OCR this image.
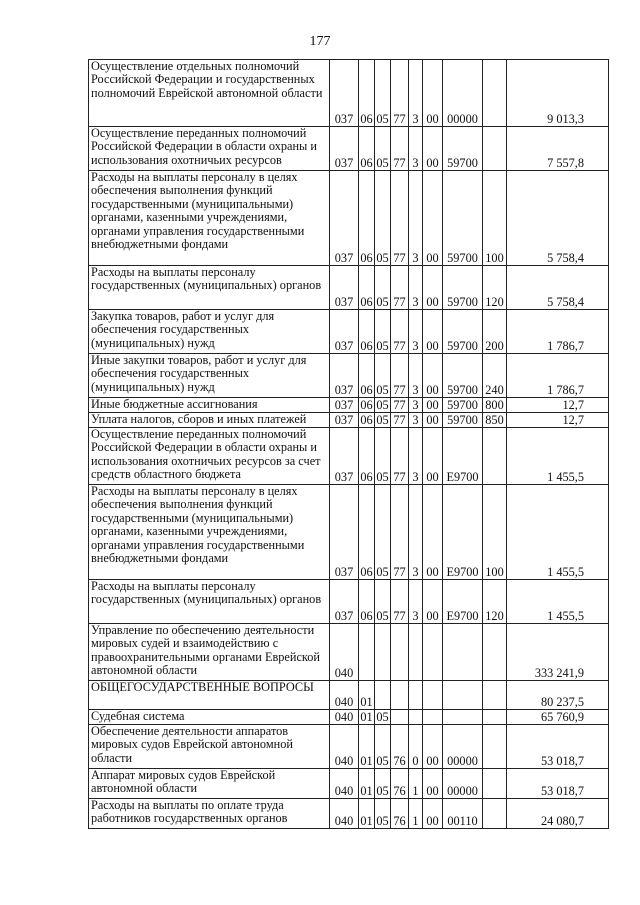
177
Осуществление отдельных полномочий Российской Федерации и государственных полномочий Еврейской автономной области	037	06	05	77	3	00	00000		9 013,3
Осуществление переданных полномочий Российской Федерации в области охраны и использования охотничьих ресурсов	037	06	05	77	3	00	59700		7 557,8
Расходы на выплаты персоналу в целях обеспечения выполнения функций государственными (муниципальными) органами, казенными учреждениями, органами управления государственными внебюджетными фондами	037	06	05	77	3	00	59700	100	5 758,4
Расходы на выплаты персоналу государственных (муниципальных) органов	037	06	05	77	3	00	59700	120	5 758,4
Закупка товаров, работ и услуг для обеспечения государственных (муниципальных) нужд	037	06	05	77	3	00	59700	200	1 786,7
Иные закупки товаров, работ и услуг для обеспечения государственных (муниципальных) нужд	037	06	05	77	3	00	59700	240	1 786,7
Иные бюджетные ассигнования	037	06	05	77	3	00	59700	800	12,7
Уплата налогов, сборов и иных платежей	037	06	05	77	3	00	59700	850	12,7
Осуществление переданных полномочий Российской Федерации в области охраны и использования охотничьих ресурсов за счет средств областного бюджета	037	06	05	77	3	00	Е9700		1 455,5
Расходы на выплаты персоналу в целях обеспечения выполнения функций государственными (муниципальными) органами, казенными учреждениями, органами управления государственными внебюджетными фондами	037	06	05	77	3	00	Е9700	100	1 455,5
Расходы на выплаты персоналу государственных (муниципальных) органов	037	06	05	77	3	00	Е9700	120	1 455,5
Управление по обеспечению деятельности мировых судей и взаимодействию с правоохранительными органами Еврейской автономной области	040								333 241,9
ОБЩЕГОСУДАРСТВЕННЫЕ ВОПРОСЫ	040	01							80 237,5
Судебная система	040	01	05						65 760,9
Обеспечение деятельности аппаратов мировых судов Еврейской автономной области	040	01	05	76	0	00	00000		53 018,7
Аппарат мировых судов Еврейской автономной области	040	01	05	76	1	00	00000		53 018,7
Расходы на выплаты по оплате труда работников государственных органов	040	01	05	76	1	00	00110		24 080,7
